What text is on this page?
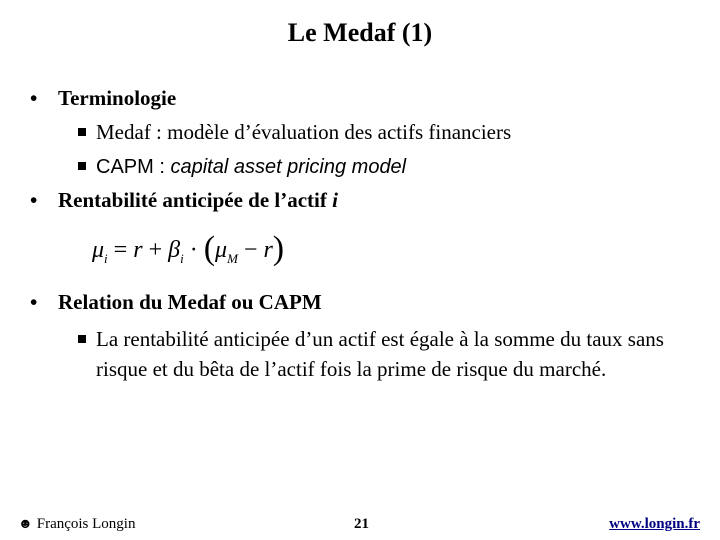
Le Medaf (1)
• Terminologie
Medaf : modèle d’évaluation des actifs financiers
CAPM : capital asset pricing model
• Rentabilité anticipée de l’actif i
$\mu_i = r + \beta_i \cdot (\mu_M - r)$
• Relation du Medaf ou CAPM
La rentabilité anticipée d’un actif est égale à la somme du taux sans risque et du bêta de l’actif fois la prime de risque du marché.
☻ François Longin	21	www.longin.fr
